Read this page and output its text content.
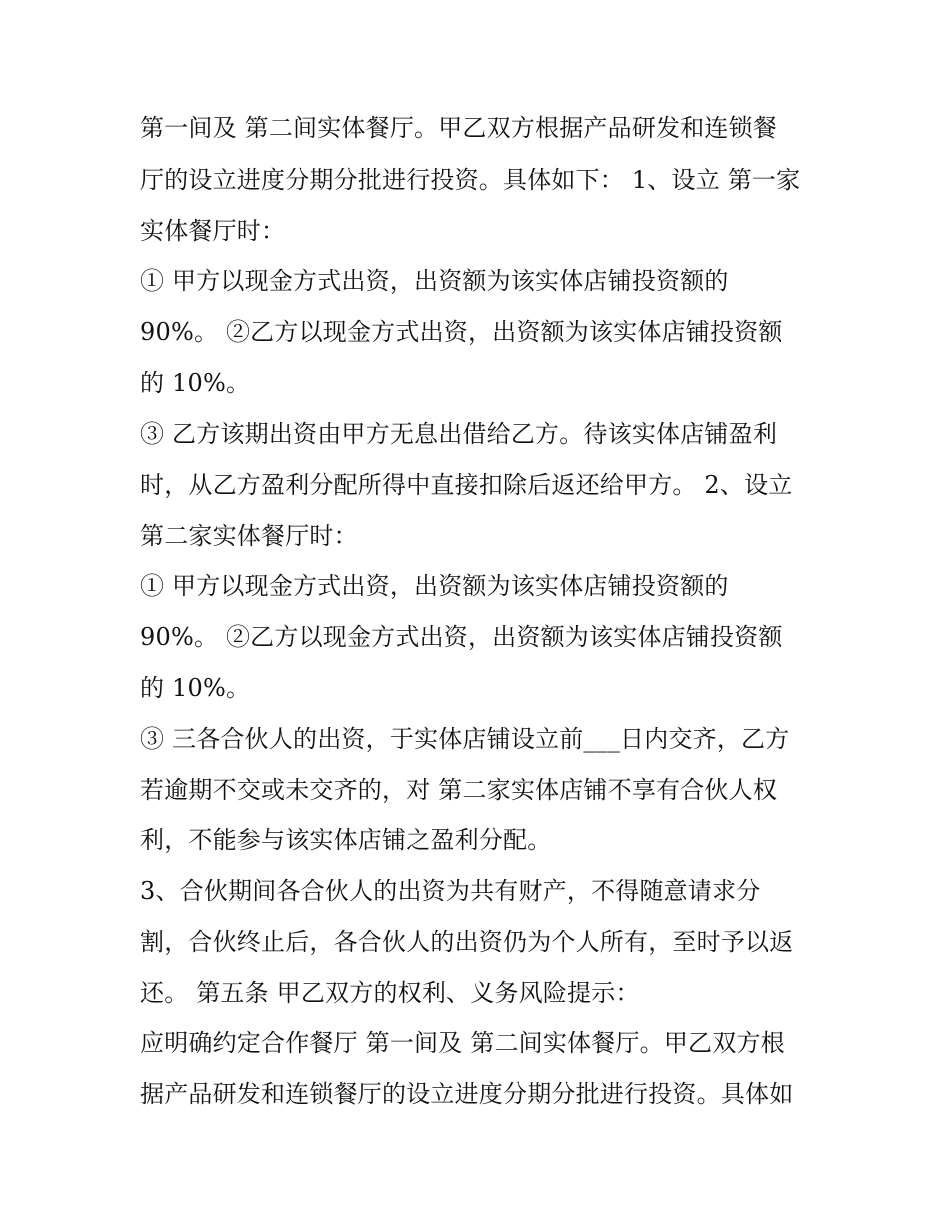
第一间及 第二间实体餐厅。甲乙双方根据产品研发和连锁餐
厅的设立进度分期分批进行投资。具体如下： 1、设立 第一家
实体餐厅时：
① 甲方以现金方式出资，出资额为该实体店铺投资额的
90%。 ②乙方以现金方式出资，出资额为该实体店铺投资额
的 10%。
③ 乙方该期出资由甲方无息出借给乙方。待该实体店铺盈利
时，从乙方盈利分配所得中直接扣除后返还给甲方。 2、设立
第二家实体餐厅时：
① 甲方以现金方式出资，出资额为该实体店铺投资额的
90%。 ②乙方以现金方式出资，出资额为该实体店铺投资额
的 10%。
③ 三各合伙人的出资，于实体店铺设立前___日内交齐，乙方
若逾期不交或未交齐的，对 第二家实体店铺不享有合伙人权
利，不能参与该实体店铺之盈利分配。
3、合伙期间各合伙人的出资为共有财产，不得随意请求分
割，合伙终止后，各合伙人的出资仍为个人所有，至时予以返
还。 第五条 甲乙双方的权利、义务风险提示：
应明确约定合作餐厅 第一间及 第二间实体餐厅。甲乙双方根
据产品研发和连锁餐厅的设立进度分期分批进行投资。具体如
